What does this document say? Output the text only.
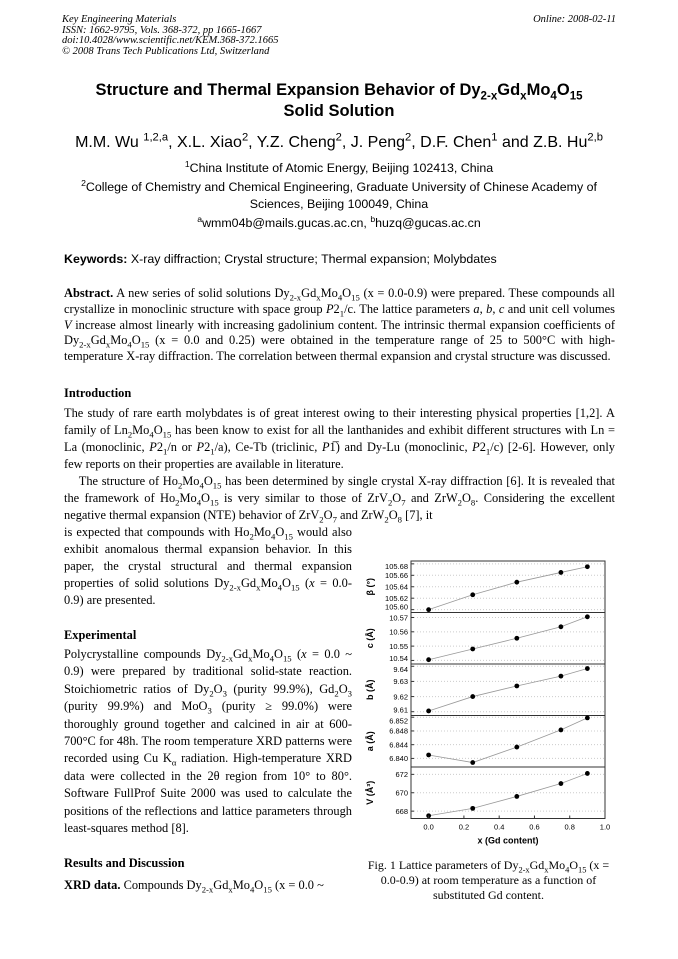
Key Engineering Materials
ISSN: 1662-9795, Vols. 368-372, pp 1665-1667
doi:10.4028/www.scientific.net/KEM.368-372.1665
© 2008 Trans Tech Publications Ltd, Switzerland
Online: 2008-02-11
Structure and Thermal Expansion Behavior of $Dy_{2-x}Gd_xMo_4O_{15}$
Solid Solution
M.M. Wu $^{1,2,a}$, X.L. Xiao$^2$, Y.Z. Cheng$^2$, J. Peng$^2$, D.F. Chen$^1$ and Z.B. Hu$^{2,b}$
$^1$China Institute of Atomic Energy, Beijing 102413, China
$^2$College of Chemistry and Chemical Engineering, Graduate University of Chinese Academy of Sciences, Beijing 100049, China
$^a$wmm04b@mails.gucas.ac.cn, $^b$huzq@gucas.ac.cn
Keywords: X-ray diffraction; Crystal structure; Thermal expansion; Molybdates
Abstract. A new series of solid solutions $Dy_{2-x}Gd_xMo_4O_{15}$ (x = 0.0-0.9) were prepared. These compounds all crystallize in monoclinic structure with space group $P2_1/c$. The lattice parameters a, b, c and unit cell volumes V increase almost linearly with increasing gadolinium content. The intrinsic thermal expansion coefficients of $Dy_{2-x}Gd_xMo_4O_{15}$ (x = 0.0 and 0.25) were obtained in the temperature range of 25 to 500°C with high-temperature X-ray diffraction. The correlation between thermal expansion and crystal structure was discussed.
Introduction
The study of rare earth molybdates is of great interest owing to their interesting physical properties [1,2]. A family of $Ln_2Mo_4O_{15}$ has been know to exist for all the lanthanides and exhibit different structures with Ln = La (monoclinic, $P2_1/n$ or $P2_1/a$), Ce-Tb (triclinic, P1̅) and Dy-Lu (monoclinic, $P2_1/c$) [2-6]. However, only few reports on their properties are available in literature.
The structure of $Ho_2Mo_4O_{15}$ has been determined by single crystal X-ray diffraction [6]. It is revealed that the framework of $Ho_2Mo_4O_{15}$ is very similar to those of $ZrV_2O_7$ and $ZrW_2O_8$. Considering the excellent negative thermal expansion (NTE) behavior of $ZrV_2O_7$ and $ZrW_2O_8$ [7], it
is expected that compounds with $Ho_2Mo_4O_{15}$ would also exhibit anomalous thermal expansion behavior. In this paper, the crystal structural and thermal expansion properties of solid solutions $Dy_{2-x}Gd_xMo_4O_{15}$ (x = 0.0-0.9) are presented.
Experimental
Polycrystalline compounds $Dy_{2-x}Gd_xMo_4O_{15}$ (x = 0.0 ~ 0.9) were prepared by traditional solid-state reaction. Stoichiometric ratios of $Dy_2O_3$ (purity 99.9%), $Gd_2O_3$ (purity 99.9%) and MoO$_3$ (purity ≥ 99.0%) were thoroughly ground together and calcined in air at 600-700°C for 48h. The room temperature XRD patterns were recorded using Cu $K_\alpha$ radiation. High-temperature XRD data were collected in the 2θ region from 10° to 80°. Software FullProf Suite 2000 was used to calculate the positions of the reflections and lattice parameters through least-squares method [8].
Results and Discussion
XRD data. Compounds $Dy_{2-x}Gd_xMo_4O_{15}$ (x = 0.0 ~
105.60
105.62
105.64
105.66
105.68
β (°)
10.54
10.55
10.56
10.57
c (Å)
9.61
9.62
9.63
9.64
b (Å)
6.840
6.844
6.848
6.852
a (Å)
668
670
672
V (Å³)
0.0	0.2	0.4	0.6	0.8	1.0
x (Gd content)
Fig. 1 Lattice parameters of $Dy_{2-x}Gd_xMo_4O_{15}$ (x = 0.0-0.9) at room temperature as a function of substituted Gd content.
